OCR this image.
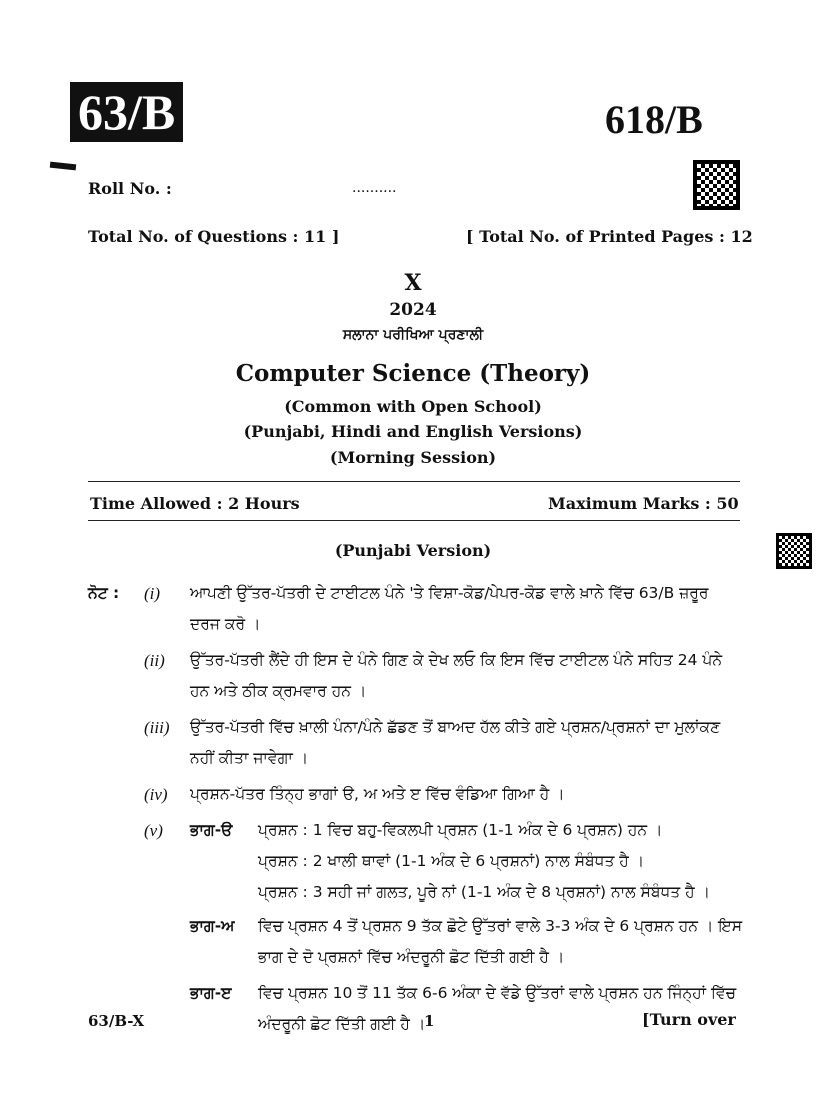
63/B	618/B
Roll No. :	..........
Total No. of Questions : 11 ]	[ Total No. of Printed Pages : 12
X
2024
ਸਲਾਨਾ ਪਰੀਖਿਆ ਪ੍ਰਣਾਲੀ
Computer Science (Theory)
(Common with Open School)
(Punjabi, Hindi and English Versions)
(Morning Session)
Time Allowed : 2 Hours	Maximum Marks : 50
(Punjabi Version)
ਨੋਟ : (i)	ਆਪਣੀ ਉੱਤਰ-ਪੱਤਰੀ ਦੇ ਟਾਈਟਲ ਪੰਨੇ 'ਤੇ ਵਿਸ਼ਾ-ਕੋਡ/ਪੇਪਰ-ਕੋਡ ਵਾਲੇ ਖ਼ਾਨੇ ਵਿੱਚ 63/B ਜ਼ਰੂਰ
ਦਰਜ ਕਰੋ ।
(ii)	ਉੱਤਰ-ਪੱਤਰੀ ਲੈਂਦੇ ਹੀ ਇਸ ਦੇ ਪੰਨੇ ਗਿਣ ਕੇ ਦੇਖ ਲਓ ਕਿ ਇਸ ਵਿੱਚ ਟਾਈਟਲ ਪੰਨੇ ਸਹਿਤ 24 ਪੰਨੇ
ਹਨ ਅਤੇ ਠੀਕ ਕ੍ਰਮਵਾਰ ਹਨ ।
(iii)	ਉੱਤਰ-ਪੱਤਰੀ ਵਿੱਚ ਖ਼ਾਲੀ ਪੰਨਾ/ਪੰਨੇ ਛੱਡਣ ਤੋਂ ਬਾਅਦ ਹੱਲ ਕੀਤੇ ਗਏ ਪ੍ਰਸ਼ਨ/ਪ੍ਰਸ਼ਨਾਂ ਦਾ ਮੁਲਾਂਕਣ
ਨਹੀਂ ਕੀਤਾ ਜਾਵੇਗਾ ।
(iv)	ਪ੍ਰਸ਼ਨ-ਪੱਤਰ ਤਿੰਨ੍ਹ ਭਾਗਾਂ ੳ, ਅ ਅਤੇ ੲ ਵਿੱਚ ਵੰਡਿਆ ਗਿਆ ਹੈ ।
(v)	ਭਾਗ-ੳ	ਪ੍ਰਸ਼ਨ : 1 ਵਿਚ ਬਹੁ-ਵਿਕਲਪੀ ਪ੍ਰਸ਼ਨ (1-1 ਅੰਕ ਦੇ 6 ਪ੍ਰਸ਼ਨ) ਹਨ ।
ਪ੍ਰਸ਼ਨ : 2 ਖਾਲੀ ਥਾਵਾਂ (1-1 ਅੰਕ ਦੇ 6 ਪ੍ਰਸ਼ਨਾਂ) ਨਾਲ ਸੰਬੰਧਤ ਹੈ ।
ਪ੍ਰਸ਼ਨ : 3 ਸਹੀ ਜਾਂ ਗਲਤ, ਪੂਰੇ ਨਾਂ (1-1 ਅੰਕ ਦੇ 8 ਪ੍ਰਸ਼ਨਾਂ) ਨਾਲ ਸੰਬੰਧਤ ਹੈ ।
ਭਾਗ-ਅ	ਵਿਚ ਪ੍ਰਸ਼ਨ 4 ਤੋਂ ਪ੍ਰਸ਼ਨ 9 ਤੱਕ ਛੋਟੇ ਉੱਤਰਾਂ ਵਾਲੇ 3-3 ਅੰਕ ਦੇ 6 ਪ੍ਰਸ਼ਨ ਹਨ । ਇਸ
ਭਾਗ ਦੇ ਦੋ ਪ੍ਰਸ਼ਨਾਂ ਵਿੱਚ ਅੰਦਰੂਨੀ ਛੋਟ ਦਿੱਤੀ ਗਈ ਹੈ ।
ਭਾਗ-ੲ	ਵਿਚ ਪ੍ਰਸ਼ਨ 10 ਤੋਂ 11 ਤੱਕ 6-6 ਅੰਕਾ ਦੇ ਵੱਡੇ ਉੱਤਰਾਂ ਵਾਲੇ ਪ੍ਰਸ਼ਨ ਹਨ ਜਿੰਨ੍ਹਾਂ ਵਿੱਚ
ਅੰਦਰੂਨੀ ਛੋਟ ਦਿੱਤੀ ਗਈ ਹੈ ।
63/B-X	1	[Turn over
